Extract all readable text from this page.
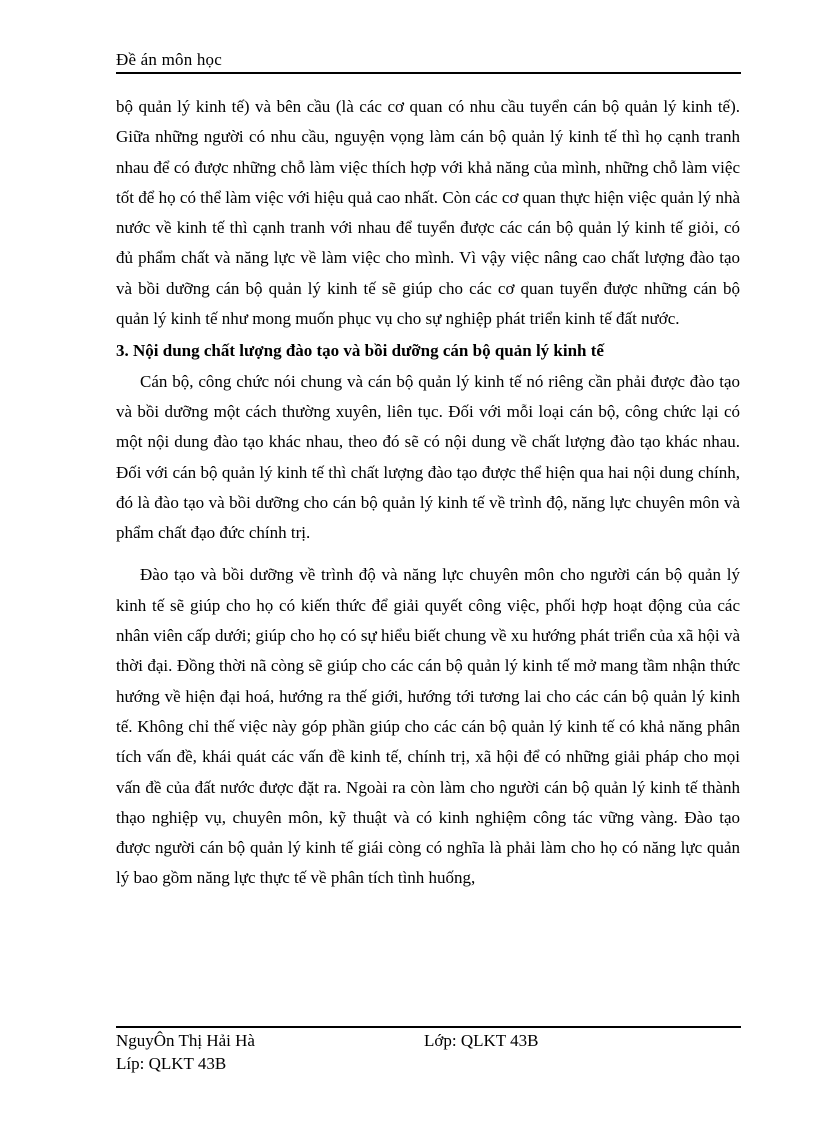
Đề án môn học

bộ quản lý kinh tế) và bên cầu (là các cơ quan có nhu cầu tuyển cán bộ quản lý kinh tế). Giữa những người có nhu cầu, nguyện vọng làm cán bộ quản lý kinh tế thì họ cạnh tranh nhau để có được những chỗ làm việc thích hợp với khả năng của mình, những chỗ làm việc tốt để họ có thể làm việc với hiệu quả cao nhất. Còn các cơ quan thực hiện việc quản lý nhà nước về kinh tế thì cạnh tranh với nhau để tuyển được các cán bộ quản lý kinh tế giỏi, có đủ phẩm chất và năng lực về làm việc cho mình. Vì vậy việc nâng cao chất lượng đào tạo và bồi dưỡng cán bộ quản lý kinh tế sẽ giúp cho các cơ quan tuyển được những cán bộ quản lý kinh tế như mong muốn phục vụ cho sự nghiệp phát triển kinh tế đất nước.

3. Nội dung chất lượng đào tạo và bồi dưỡng cán bộ quản lý kinh tế

Cán bộ, công chức nói chung và cán bộ quản lý kinh tế nó riêng cần phải được đào tạo và bồi dưỡng một cách thường xuyên, liên tục. Đối với mỗi loại cán bộ, công chức lại có một nội dung đào tạo khác nhau, theo đó sẽ có nội dung về chất lượng đào tạo khác nhau. Đối với cán bộ quản lý kinh tế thì chất lượng đào tạo được thể hiện qua hai nội dung chính, đó là đào tạo và bồi dưỡng cho cán bộ quản lý kinh tế về trình độ, năng lực chuyên môn và phẩm chất đạo đức chính trị.

Đào tạo và bồi dưỡng về trình độ và năng lực chuyên môn cho người cán bộ quản lý kinh tế sẽ giúp cho họ có kiến thức để giải quyết công việc, phối hợp hoạt động của các nhân viên cấp dưới; giúp cho họ có sự hiểu biết chung về xu hướng phát triển của xã hội và thời đại. Đồng thời nã còng sẽ giúp cho các cán bộ quản lý kinh tế mở mang tầm nhận thức hướng về hiện đại hoá, hướng ra thế giới, hướng tới tương lai cho các cán bộ quản lý kinh tế. Không chỉ thế việc này góp phần giúp cho các cán bộ quản lý kinh tế có khả năng phân tích vấn đề, khái quát các vấn đề kinh tế, chính trị, xã hội để có những giải pháp cho mọi vấn đề của đất nước được đặt ra. Ngoài ra còn làm cho người cán bộ quản lý kinh tế thành thạo nghiệp vụ, chuyên môn, kỹ thuật và có kinh nghiệm công tác vững vàng. Đào tạo được người cán bộ quản lý kinh tế giái còng có nghĩa là phải làm cho họ có năng lực quản lý bao gồm năng lực thực tế về phân tích tình huống,

NguyÔn Thị Hải Hà	Lớp: QLKT 43B
Líp: QLKT 43B
